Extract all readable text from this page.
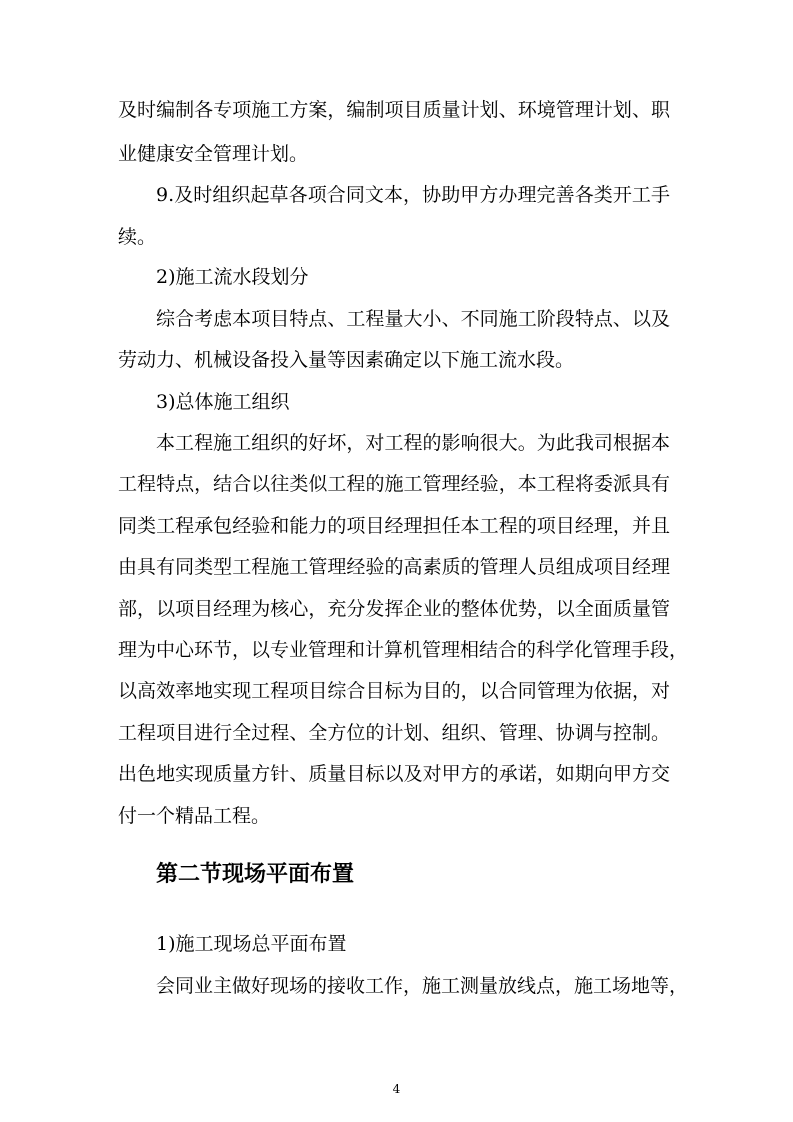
及时编制各专项施工方案，编制项目质量计划、环境管理计划、职
业健康安全管理计划。
9.及时组织起草各项合同文本，协助甲方办理完善各类开工手
续。
2)施工流水段划分
综合考虑本项目特点、工程量大小、不同施工阶段特点、以及
劳动力、机械设备投入量等因素确定以下施工流水段。
3)总体施工组织
本工程施工组织的好坏，对工程的影响很大。为此我司根据本
工程特点，结合以往类似工程的施工管理经验，本工程将委派具有
同类工程承包经验和能力的项目经理担任本工程的项目经理，并且
由具有同类型工程施工管理经验的高素质的管理人员组成项目经理
部，以项目经理为核心，充分发挥企业的整体优势，以全面质量管
理为中心环节，以专业管理和计算机管理相结合的科学化管理手段，
以高效率地实现工程项目综合目标为目的，以合同管理为依据，对
工程项目进行全过程、全方位的计划、组织、管理、协调与控制。
出色地实现质量方针、质量目标以及对甲方的承诺，如期向甲方交
付一个精品工程。
第二节现场平面布置
1)施工现场总平面布置
会同业主做好现场的接收工作，施工测量放线点，施工场地等，
4
